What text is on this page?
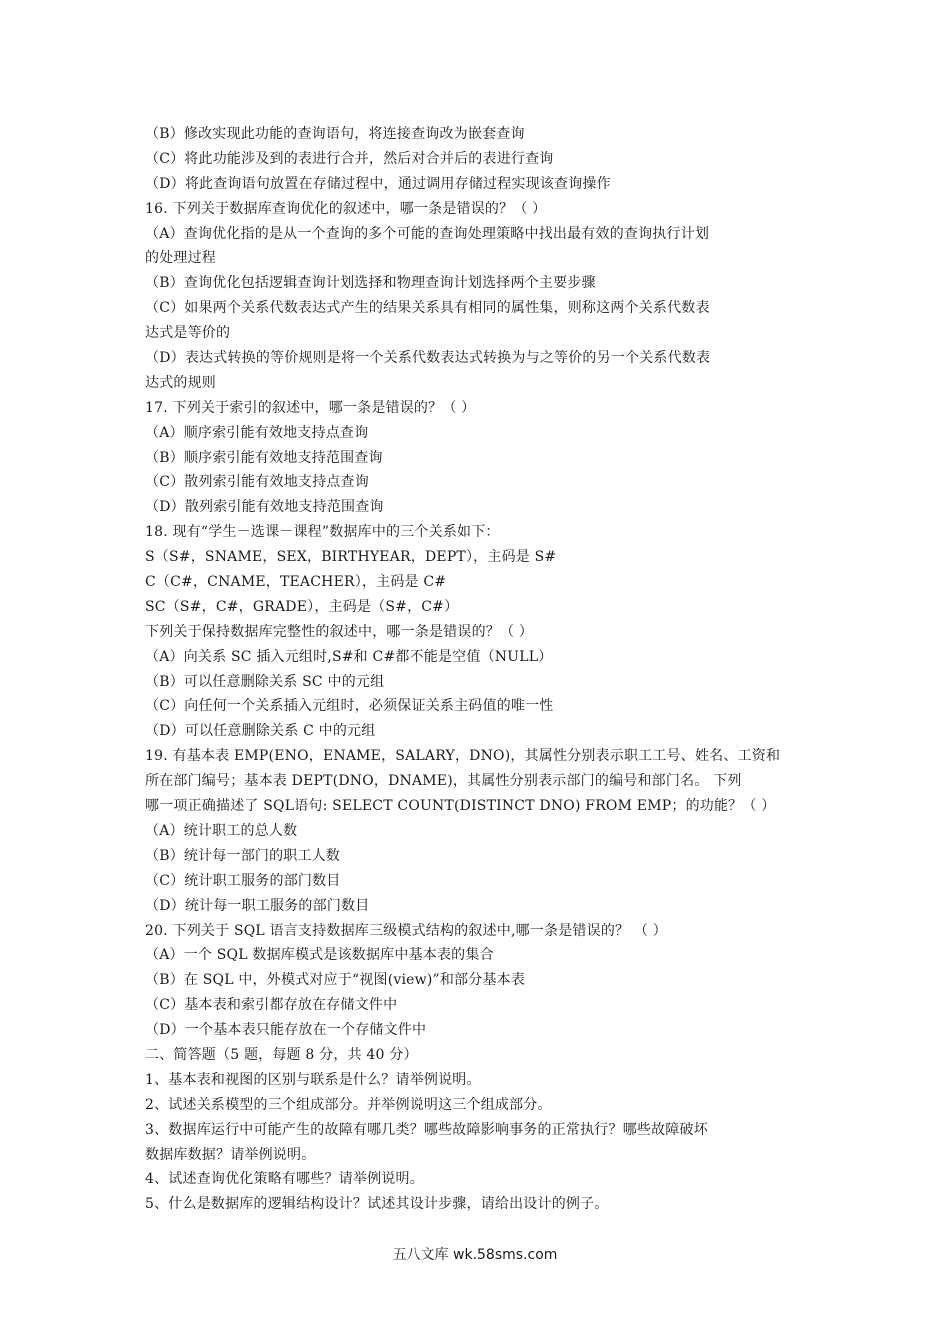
（B）修改实现此功能的查询语句，将连接查询改为嵌套查询
（C）将此功能涉及到的表进行合并，然后对合并后的表进行查询
（D）将此查询语句放置在存储过程中，通过调用存储过程实现该查询操作
16. 下列关于数据库查询优化的叙述中，哪一条是错误的？（ ）
（A）查询优化指的是从一个查询的多个可能的查询处理策略中找出最有效的查询执行计划
的处理过程
（B）查询优化包括逻辑查询计划选择和物理查询计划选择两个主要步骤
（C）如果两个关系代数表达式产生的结果关系具有相同的属性集，则称这两个关系代数表
达式是等价的
（D）表达式转换的等价规则是将一个关系代数表达式转换为与之等价的另一个关系代数表
达式的规则
17. 下列关于索引的叙述中，哪一条是错误的？（ ）
（A）顺序索引能有效地支持点查询
（B）顺序索引能有效地支持范围查询
（C）散列索引能有效地支持点查询
（D）散列索引能有效地支持范围查询
18. 现有“学生－选课－课程”数据库中的三个关系如下：
S（S#，SNAME，SEX，BIRTHYEAR，DEPT），主码是 S#
C（C#，CNAME，TEACHER），主码是 C#
SC（S#，C#，GRADE），主码是（S#，C#）
下列关于保持数据库完整性的叙述中，哪一条是错误的？（ ）
（A）向关系 SC 插入元组时,S#和 C#都不能是空值（NULL）
（B）可以任意删除关系 SC 中的元组
（C）向任何一个关系插入元组时，必须保证关系主码值的唯一性
（D）可以任意删除关系 C 中的元组
19. 有基本表 EMP(ENO，ENAME，SALARY，DNO)，其属性分别表示职工工号、姓名、工资和
所在部门编号；基本表 DEPT(DNO，DNAME)，其属性分别表示部门的编号和部门名。 下列
哪一项正确描述了 SQL语句: SELECT COUNT(DISTINCT DNO) FROM EMP；的功能？（ ）
（A）统计职工的总人数
（B）统计每一部门的职工人数
（C）统计职工服务的部门数目
（D）统计每一职工服务的部门数目
20. 下列关于 SQL 语言支持数据库三级模式结构的叙述中,哪一条是错误的？ （ ）
（A）一个 SQL 数据库模式是该数据库中基本表的集合
（B）在 SQL 中，外模式对应于“视图(view)”和部分基本表
（C）基本表和索引都存放在存储文件中
（D）一个基本表只能存放在一个存储文件中
二、简答题（5 题，每题 8 分，共 40 分）
1、基本表和视图的区别与联系是什么？请举例说明。
2、试述关系模型的三个组成部分。并举例说明这三个组成部分。
3、数据库运行中可能产生的故障有哪几类？哪些故障影响事务的正常执行？哪些故障破坏
数据库数据？请举例说明。
4、试述查询优化策略有哪些？请举例说明。
5、什么是数据库的逻辑结构设计？试述其设计步骤，请给出设计的例子。
五八文库 wk.58sms.com
